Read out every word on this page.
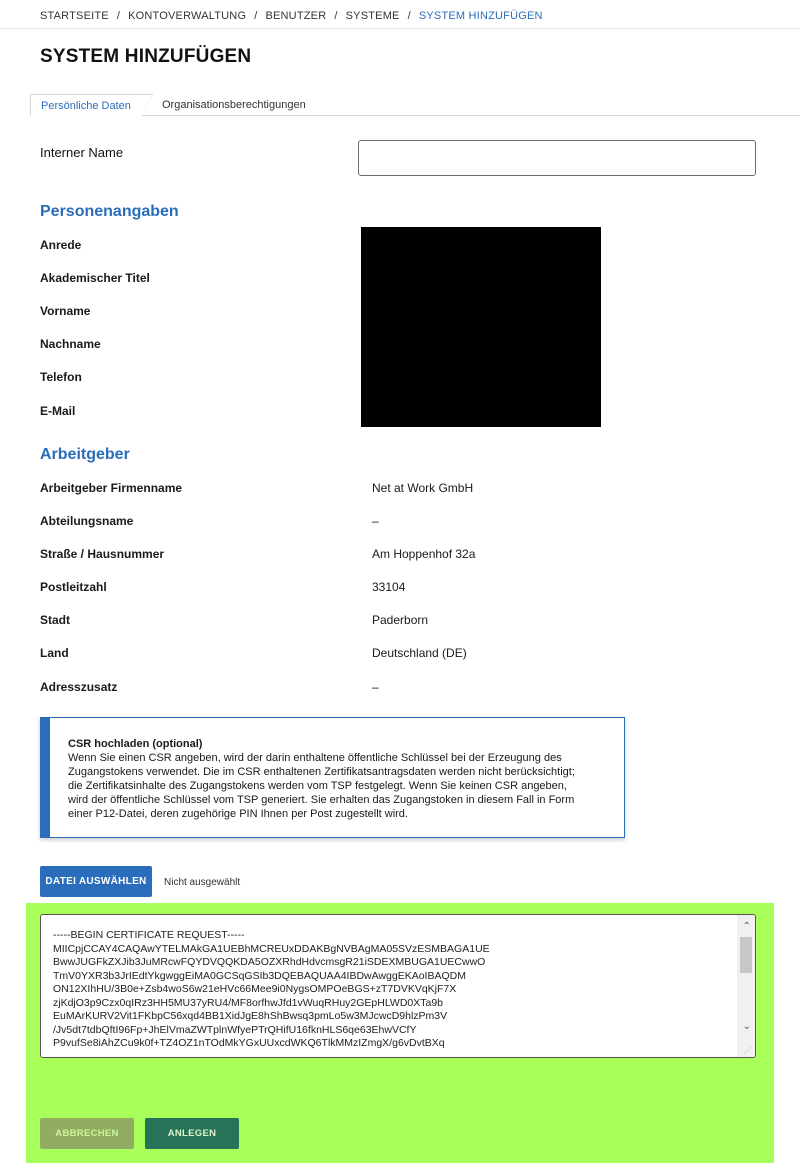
STARTSEITE / KONTOVERWALTUNG / BENUTZER / SYSTEME / SYSTEM HINZUFÜGEN
SYSTEM HINZUFÜGEN
Persönliche Daten	Organisationsberechtigungen
Interner Name
Personenangaben
Anrede
Akademischer Titel
Vorname
Nachname
Telefon
E-Mail
Arbeitgeber
Arbeitgeber Firmenname	Net at Work GmbH
Abteilungsname	–
Straße / Hausnummer	Am Hoppenhof 32a
Postleitzahl	33104
Stadt	Paderborn
Land	Deutschland (DE)
Adresszusatz	–
CSR hochladen (optional)
Wenn Sie einen CSR angeben, wird der darin enthaltene öffentliche Schlüssel bei der Erzeugung des
Zugangstokens verwendet. Die im CSR enthaltenen Zertifikatsantragsdaten werden nicht berücksichtigt;
die Zertifikatsinhalte des Zugangstokens werden vom TSP festgelegt. Wenn Sie keinen CSR angeben,
wird der öffentliche Schlüssel vom TSP generiert. Sie erhalten das Zugangstoken in diesem Fall in Form
einer P12-Datei, deren zugehörige PIN Ihnen per Post zugestellt wird.
DATEI AUSWÄHLEN	Nicht ausgewählt
-----BEGIN CERTIFICATE REQUEST-----
MIICpjCCAY4CAQAwYTELMAkGA1UEBhMCREUxDDAKBgNVBAgMA05SVzESMBAGA1UE
BwwJUGFkZXJib3JuMRcwFQYDVQQKDA5OZXRhdHdvcmsgR21iSDEXMBUGA1UECwwO
TmV0YXR3b3JrIEdtYkgwggEiMA0GCSqGSIb3DQEBAQUAA4IBDwAwggEKAoIBAQDM
ON12XIhHU/3B0e+Zsb4woS6w21eHVc66Mee9i0NygsOMPOeBGS+zT7DVKVqKjF7X
zjKdjO3p9Czx0qIRz3HH5MU37yRU4/MF8orfhwJfd1vWuqRHuy2GEpHLWD0XTa9b
EuMArKURV2Vit1FKbpC56xqd4BB1XidJgE8hShBwsq3pmLo5w3MJcwcD9hlzPm3V
/Jv5dt7tdbQftI96Fp+JhElVmaZWTplnWfyePTrQHifU16fknHLS6qe63EhwVCfY
P9vufSe8iAhZCu9k0f+TZ4OZ1nTOdMkYGxUUxcdWKQ6TlkMMzIZmgX/g6vDvtBXq
⌃
⌄
⋰
ABBRECHEN	ANLEGEN
